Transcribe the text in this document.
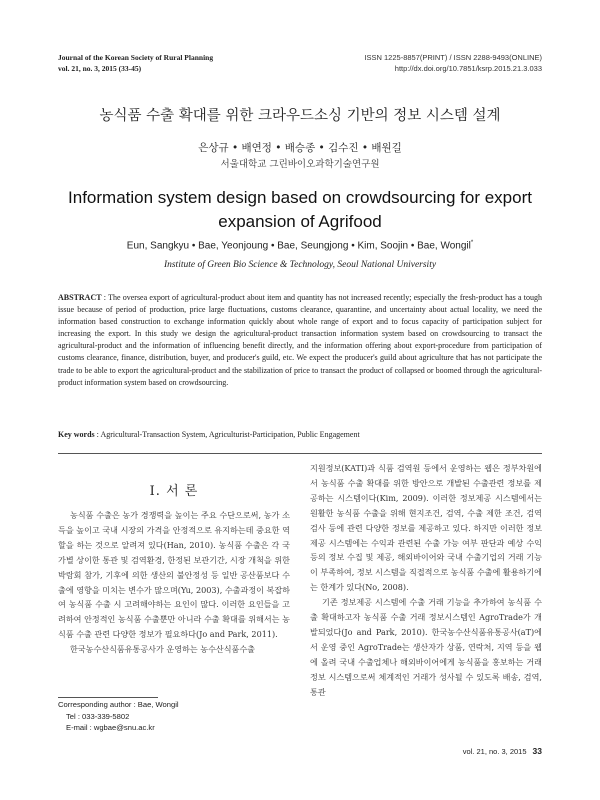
Journal of the Korean Society of Rural Planning
vol. 21, no. 3, 2015 (33-45)
ISSN 1225-8857(PRINT) / ISSN 2288-9493(ONLINE)
http://dx.doi.org/10.7851/ksrp.2015.21.3.033
농식품 수출 확대를 위한 크라우드소싱 기반의 정보 시스템 설계
은상규 • 배연정 • 배승종 • 김수진 • 배원길
서울대학교 그린바이오과학기술연구원
Information system design based on crowdsourcing for export
expansion of Agrifood
Eun, Sangkyu • Bae, Yeonjoung • Bae, Seungjong • Kim, Soojin • Bae, Wongil*
Institute of Green Bio Science & Technology, Seoul National University
ABSTRACT : The oversea export of agricultural-product about item and quantity has not increased recently; especially the fresh-product has a tough issue because of period of production, price large fluctuations, customs clearance, quarantine, and uncertainty about actual locality, we need the information based construction to exchange information quickly about whole range of export and to focus capacity of participation subject for increasing the export. In this study we design the agricultural-product transaction information system based on crowdsourcing to transact the agricultural-product and the information of influencing benefit directly, and the information offering about export-procedure from participation of customs clearance, finance, distribution, buyer, and producer's guild, etc. We expect the producer's guild about agriculture that has not participate the trade to be able to export the agricultural-product and the stabilization of price to transact the product of collapsed or boomed through the agricultural-product information system based on crowdsourcing.
Key words : Agricultural-Transaction System, Agriculturist-Participation, Public Engagement
I. 서 론

농식품 수출은 농가 경쟁력을 높이는 주요 수단으로써, 농가 소득을 높이고 국내 시장의 가격을 안정적으로 유지하는데 중요한 역할을 하는 것으로 알려져 있다(Han, 2010). 농식품 수출은 각 국가별 상이한 통관 및 검역환경, 한정된 보관기간, 시장 개척을 위한 박람회 참가, 기후에 의한 생산의 불안정성 등 일반 공산품보다 수출에 영향을 미치는 변수가 많으며(Yu, 2003), 수출과정이 복잡하여 농식품 수출 시 고려해야하는 요인이 많다. 이러한 요인들을 고려하여 안정적인 농식품 수출뿐만 아니라 수출 확대를 위해서는 농식품 수출 관련 다양한 정보가 필요하다(Jo and Park, 2011).

한국농수산식품유통공사가 운영하는 농수산식품수출

지원정보(KATI)과 식품 검역원 등에서 운영하는 웹은 정부차원에서 농식품 수출 확대를 위한 방안으로 개발된 수출관련 정보를 제공하는 시스템이다(Kim, 2009). 이러한 정보제공 시스템에서는 원활한 농식품 수출을 위해 현지조건, 검역, 수출 제한 조건, 검역 검사 등에 관련 다양한 정보를 제공하고 있다. 하지만 이러한 정보제공 시스템에는 수익과 관련된 수출 가능 여부 판단과 예상 수익 등의 정보 수집 및 제공, 해외바이어와 국내 수출기업의 거래 기능이 부족하여, 정보 시스템을 직접적으로 농식품 수출에 활용하기에는 한계가 있다(No, 2008).

기존 정보제공 시스템에 수출 거래 기능을 추가하여 농식품 수출 확대하고자 농식품 수출 거래 정보시스템인 AgroTrade가 개발되었다(Jo and Park, 2010). 한국농수산식품유통공사(aT)에서 운영 중인 AgroTrade는 생산자가 상품, 연락처, 지역 등을 웹에 올려 국내 수출업체나 해외바이어에게 농식품을 홍보하는 거래 정보 시스템으로써 체계적인 거래가 성사될 수 있도록 배송, 검역, 통관

Corresponding author : Bae, Wongil
Tel : 033-339-5802
E-mail : wgbae@snu.ac.kr
vol. 21, no. 3, 2015 33
